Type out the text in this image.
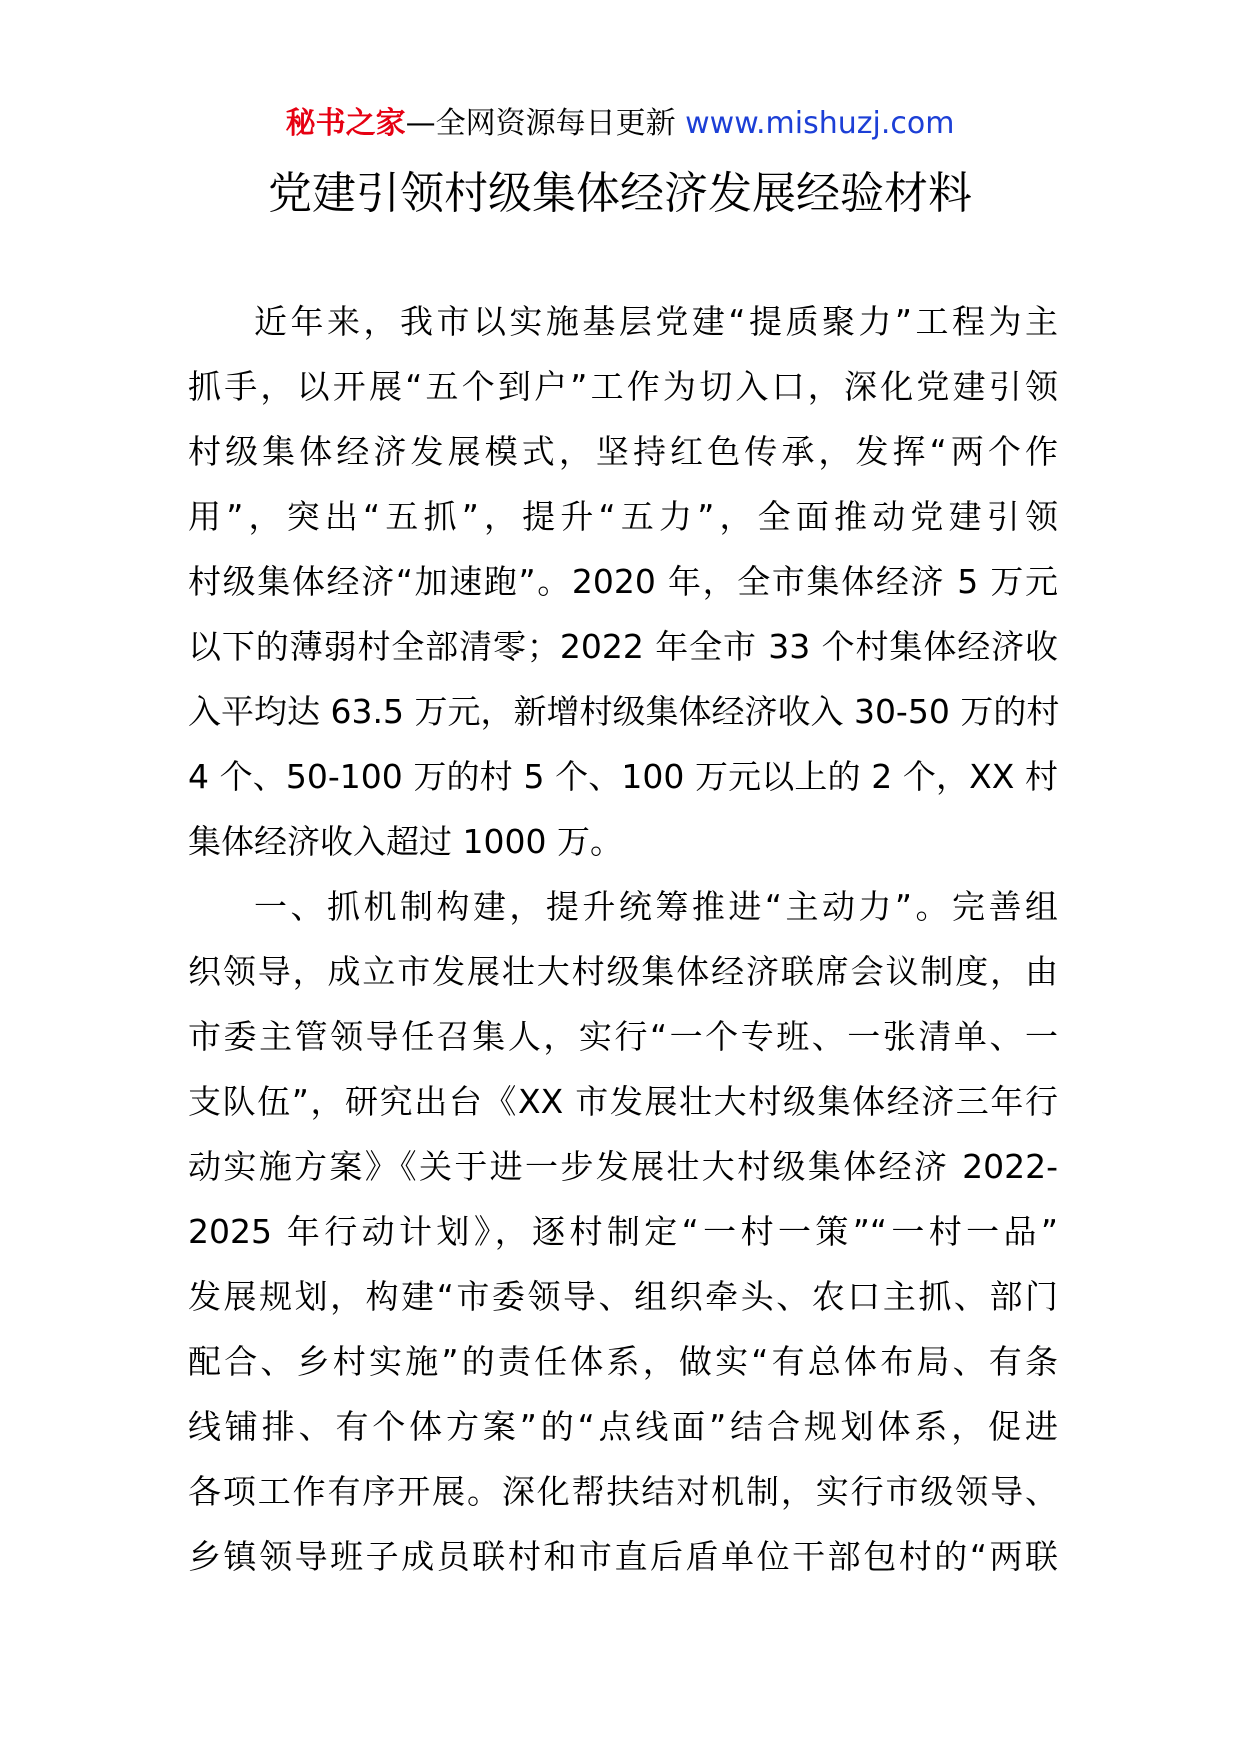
秘书之家—全网资源每日更新 www.mishuzj.com
党建引领村级集体经济发展经验材料
近年来，我市以实施基层党建“提质聚力”工程为主
抓手，以开展“五个到户”工作为切入口，深化党建引领
村级集体经济发展模式，坚持红色传承，发挥“两个作
用”，突出“五抓”，提升“五力”，全面推动党建引领
村级集体经济“加速跑”。2020 年，全市集体经济 5 万元
以下的薄弱村全部清零；2022 年全市 33 个村集体经济收
入平均达 63.5 万元，新增村级集体经济收入 30-50 万的村
4 个、50-100 万的村 5 个、100 万元以上的 2 个，XX 村
集体经济收入超过 1000 万。
一、抓机制构建，提升统筹推进“主动力”。完善组
织领导，成立市发展壮大村级集体经济联席会议制度，由
市委主管领导任召集人，实行“一个专班、一张清单、一
支队伍”，研究出台《XX 市发展壮大村级集体经济三年行
动实施方案》《关于进一步发展壮大村级集体经济 2022-
2025 年行动计划》，逐村制定“一村一策”“一村一品”
发展规划，构建“市委领导、组织牵头、农口主抓、部门
配合、乡村实施”的责任体系，做实“有总体布局、有条
线铺排、有个体方案”的“点线面”结合规划体系，促进
各项工作有序开展。深化帮扶结对机制，实行市级领导、
乡镇领导班子成员联村和市直后盾单位干部包村的“两联
